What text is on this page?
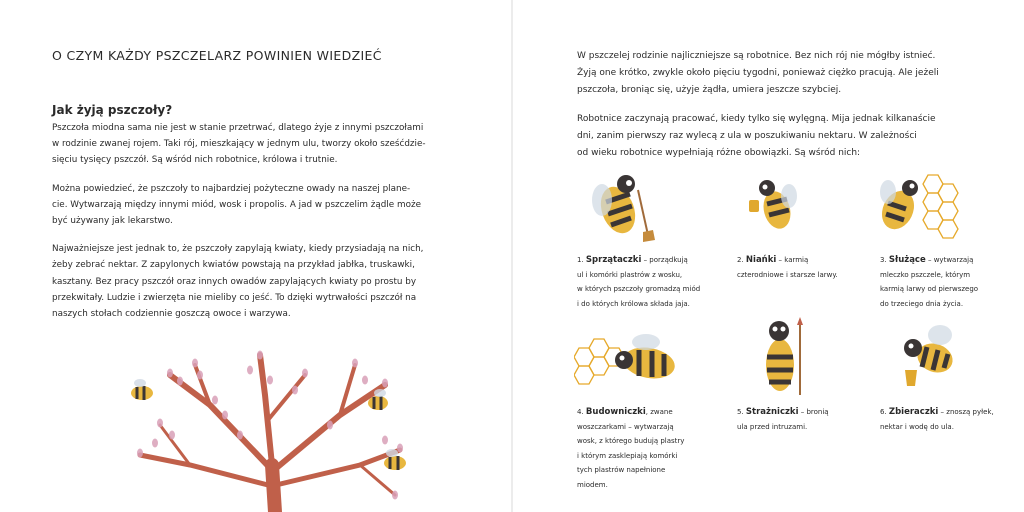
O CZYM KAŻDY PSZCZELARZ POWINIEN WIEDZIEĆ
Jak żyją pszczoły?

Pszczoła miodna sama nie jest w stanie przetrwać, dlatego żyje z innymi pszczołami
w rodzinie zwanej rojem. Taki rój, mieszkający w jednym ulu, tworzy około sześćdzie-
sięciu tysięcy pszczół. Są wśród nich robotnice, królowa i trutnie.

Można powiedzieć, że pszczoły to najbardziej pożyteczne owady na naszej plane-
cie. Wytwarzają między innymi miód, wosk i propolis. A jad w pszczelim żądle może
być używany jak lekarstwo.

Najważniejsze jest jednak to, że pszczoły zapylają kwiaty, kiedy przysiadają na nich,
żeby zebrać nektar. Z zapylonych kwiatów powstają na przykład jabłka, truskawki,
kasztany. Bez pracy pszczół oraz innych owadów zapylających kwiaty po prostu by
przekwitały. Ludzie i zwierzęta nie mieliby co jeść. To dzięki wytrwałości pszczół na
naszych stołach codziennie goszczą owoce i warzywa.

W pszczelej rodzinie najliczniejsze są robotnice. Bez nich rój nie mógłby istnieć.
Żyją one krótko, zwykle około pięciu tygodni, ponieważ ciężko pracują. Ale jeżeli
pszczoła, broniąc się, użyje żądła, umiera jeszcze szybciej.

Robotnice zaczynają pracować, kiedy tylko się wylęgną. Mija jednak kilkanaście
dni, zanim pierwszy raz wylecą z ula w poszukiwaniu nektaru. W zależności
od wieku robotnice wypełniają różne obowiązki. Są wśród nich:

1. Sprzątaczki – porządkują
ul i komórki plastrów z wosku,
w których pszczoły gromadzą miód
i do których królowa składa jaja.
2. Niańki – karmią
czterodniowe i starsze larwy.
3. Służące – wytwarzają
mleczko pszczele, którym
karmią larwy od pierwszego
do trzeciego dnia życia.
4. Budowniczki, zwane
woszczarkami – wytwarzają
wosk, z którego budują plastry
i którym zasklepiają komórki
tych plastrów napełnione
miodem.
5. Strażniczki – bronią
ula przed intruzami.
6. Zbieraczki – znoszą pyłek,
nektar i wodę do ula.
